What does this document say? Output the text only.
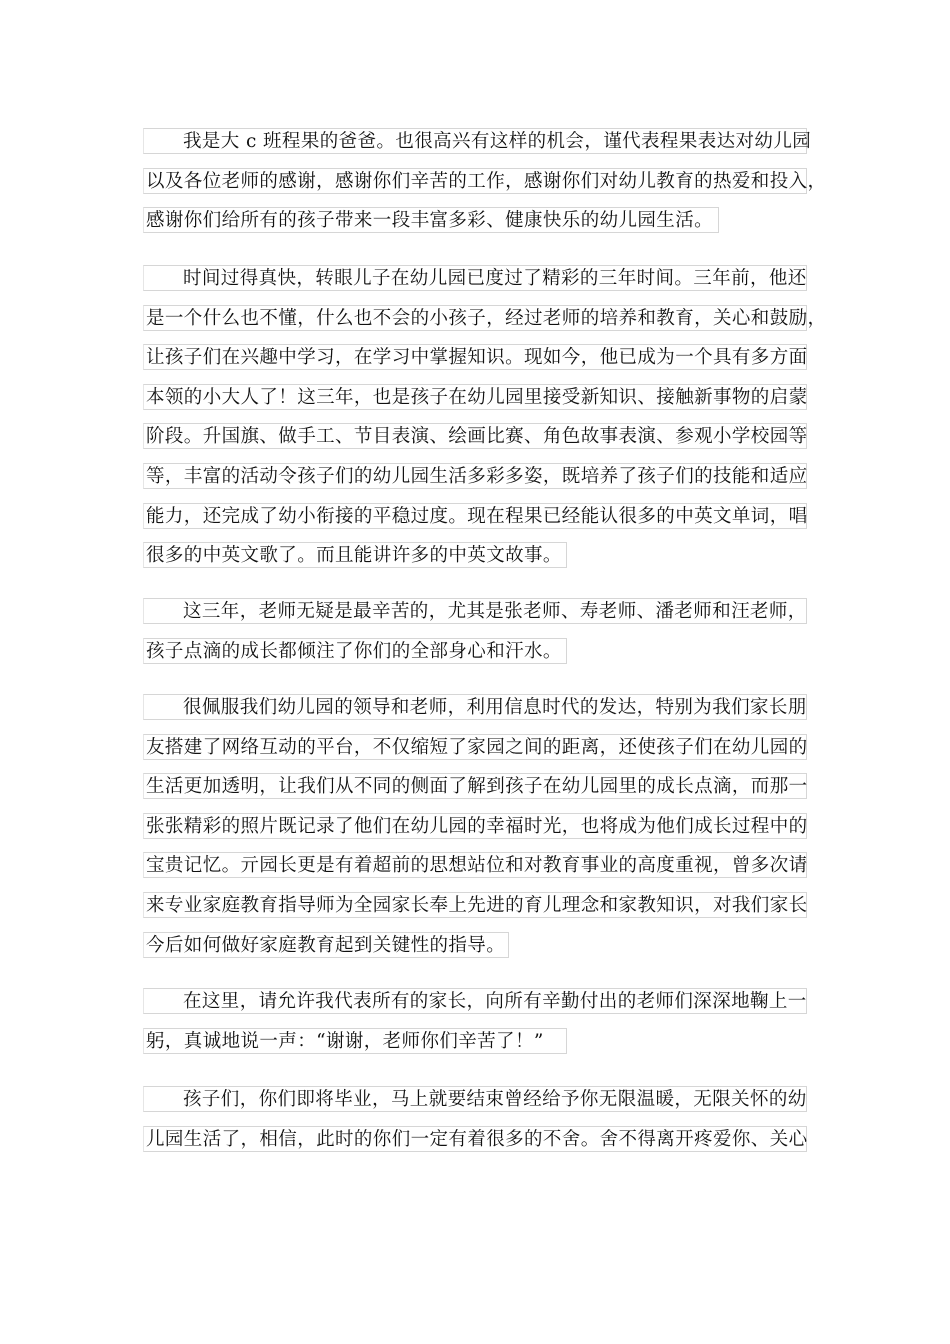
我是大 c 班程果的爸爸。也很高兴有这样的机会，谨代表程果表达对幼儿园
以及各位老师的感谢，感谢你们辛苦的工作，感谢你们对幼儿教育的热爱和投入，
感谢你们给所有的孩子带来一段丰富多彩、健康快乐的幼儿园生活。
时间过得真快，转眼儿子在幼儿园已度过了精彩的三年时间。三年前，他还
是一个什么也不懂，什么也不会的小孩子，经过老师的培养和教育，关心和鼓励，
让孩子们在兴趣中学习，在学习中掌握知识。现如今，他已成为一个具有多方面
本领的小大人了！这三年，也是孩子在幼儿园里接受新知识、接触新事物的启蒙
阶段。升国旗、做手工、节目表演、绘画比赛、角色故事表演、参观小学校园等
等，丰富的活动令孩子们的幼儿园生活多彩多姿，既培养了孩子们的技能和适应
能力，还完成了幼小衔接的平稳过度。现在程果已经能认很多的中英文单词，唱
很多的中英文歌了。而且能讲许多的中英文故事。
这三年，老师无疑是最辛苦的，尤其是张老师、寿老师、潘老师和汪老师，
孩子点滴的成长都倾注了你们的全部身心和汗水。
很佩服我们幼儿园的领导和老师，利用信息时代的发达，特别为我们家长朋
友搭建了网络互动的平台，不仅缩短了家园之间的距离，还使孩子们在幼儿园的
生活更加透明，让我们从不同的侧面了解到孩子在幼儿园里的成长点滴，而那一
张张精彩的照片既记录了他们在幼儿园的幸福时光，也将成为他们成长过程中的
宝贵记忆。亓园长更是有着超前的思想站位和对教育事业的高度重视，曾多次请
来专业家庭教育指导师为全园家长奉上先进的育儿理念和家教知识，对我们家长
今后如何做好家庭教育起到关键性的指导。
在这里，请允许我代表所有的家长，向所有辛勤付出的老师们深深地鞠上一
躬，真诚地说一声：“谢谢，老师你们辛苦了！”
孩子们，你们即将毕业，马上就要结束曾经给予你无限温暖，无限关怀的幼
儿园生活了，相信，此时的你们一定有着很多的不舍。舍不得离开疼爱你、关心
